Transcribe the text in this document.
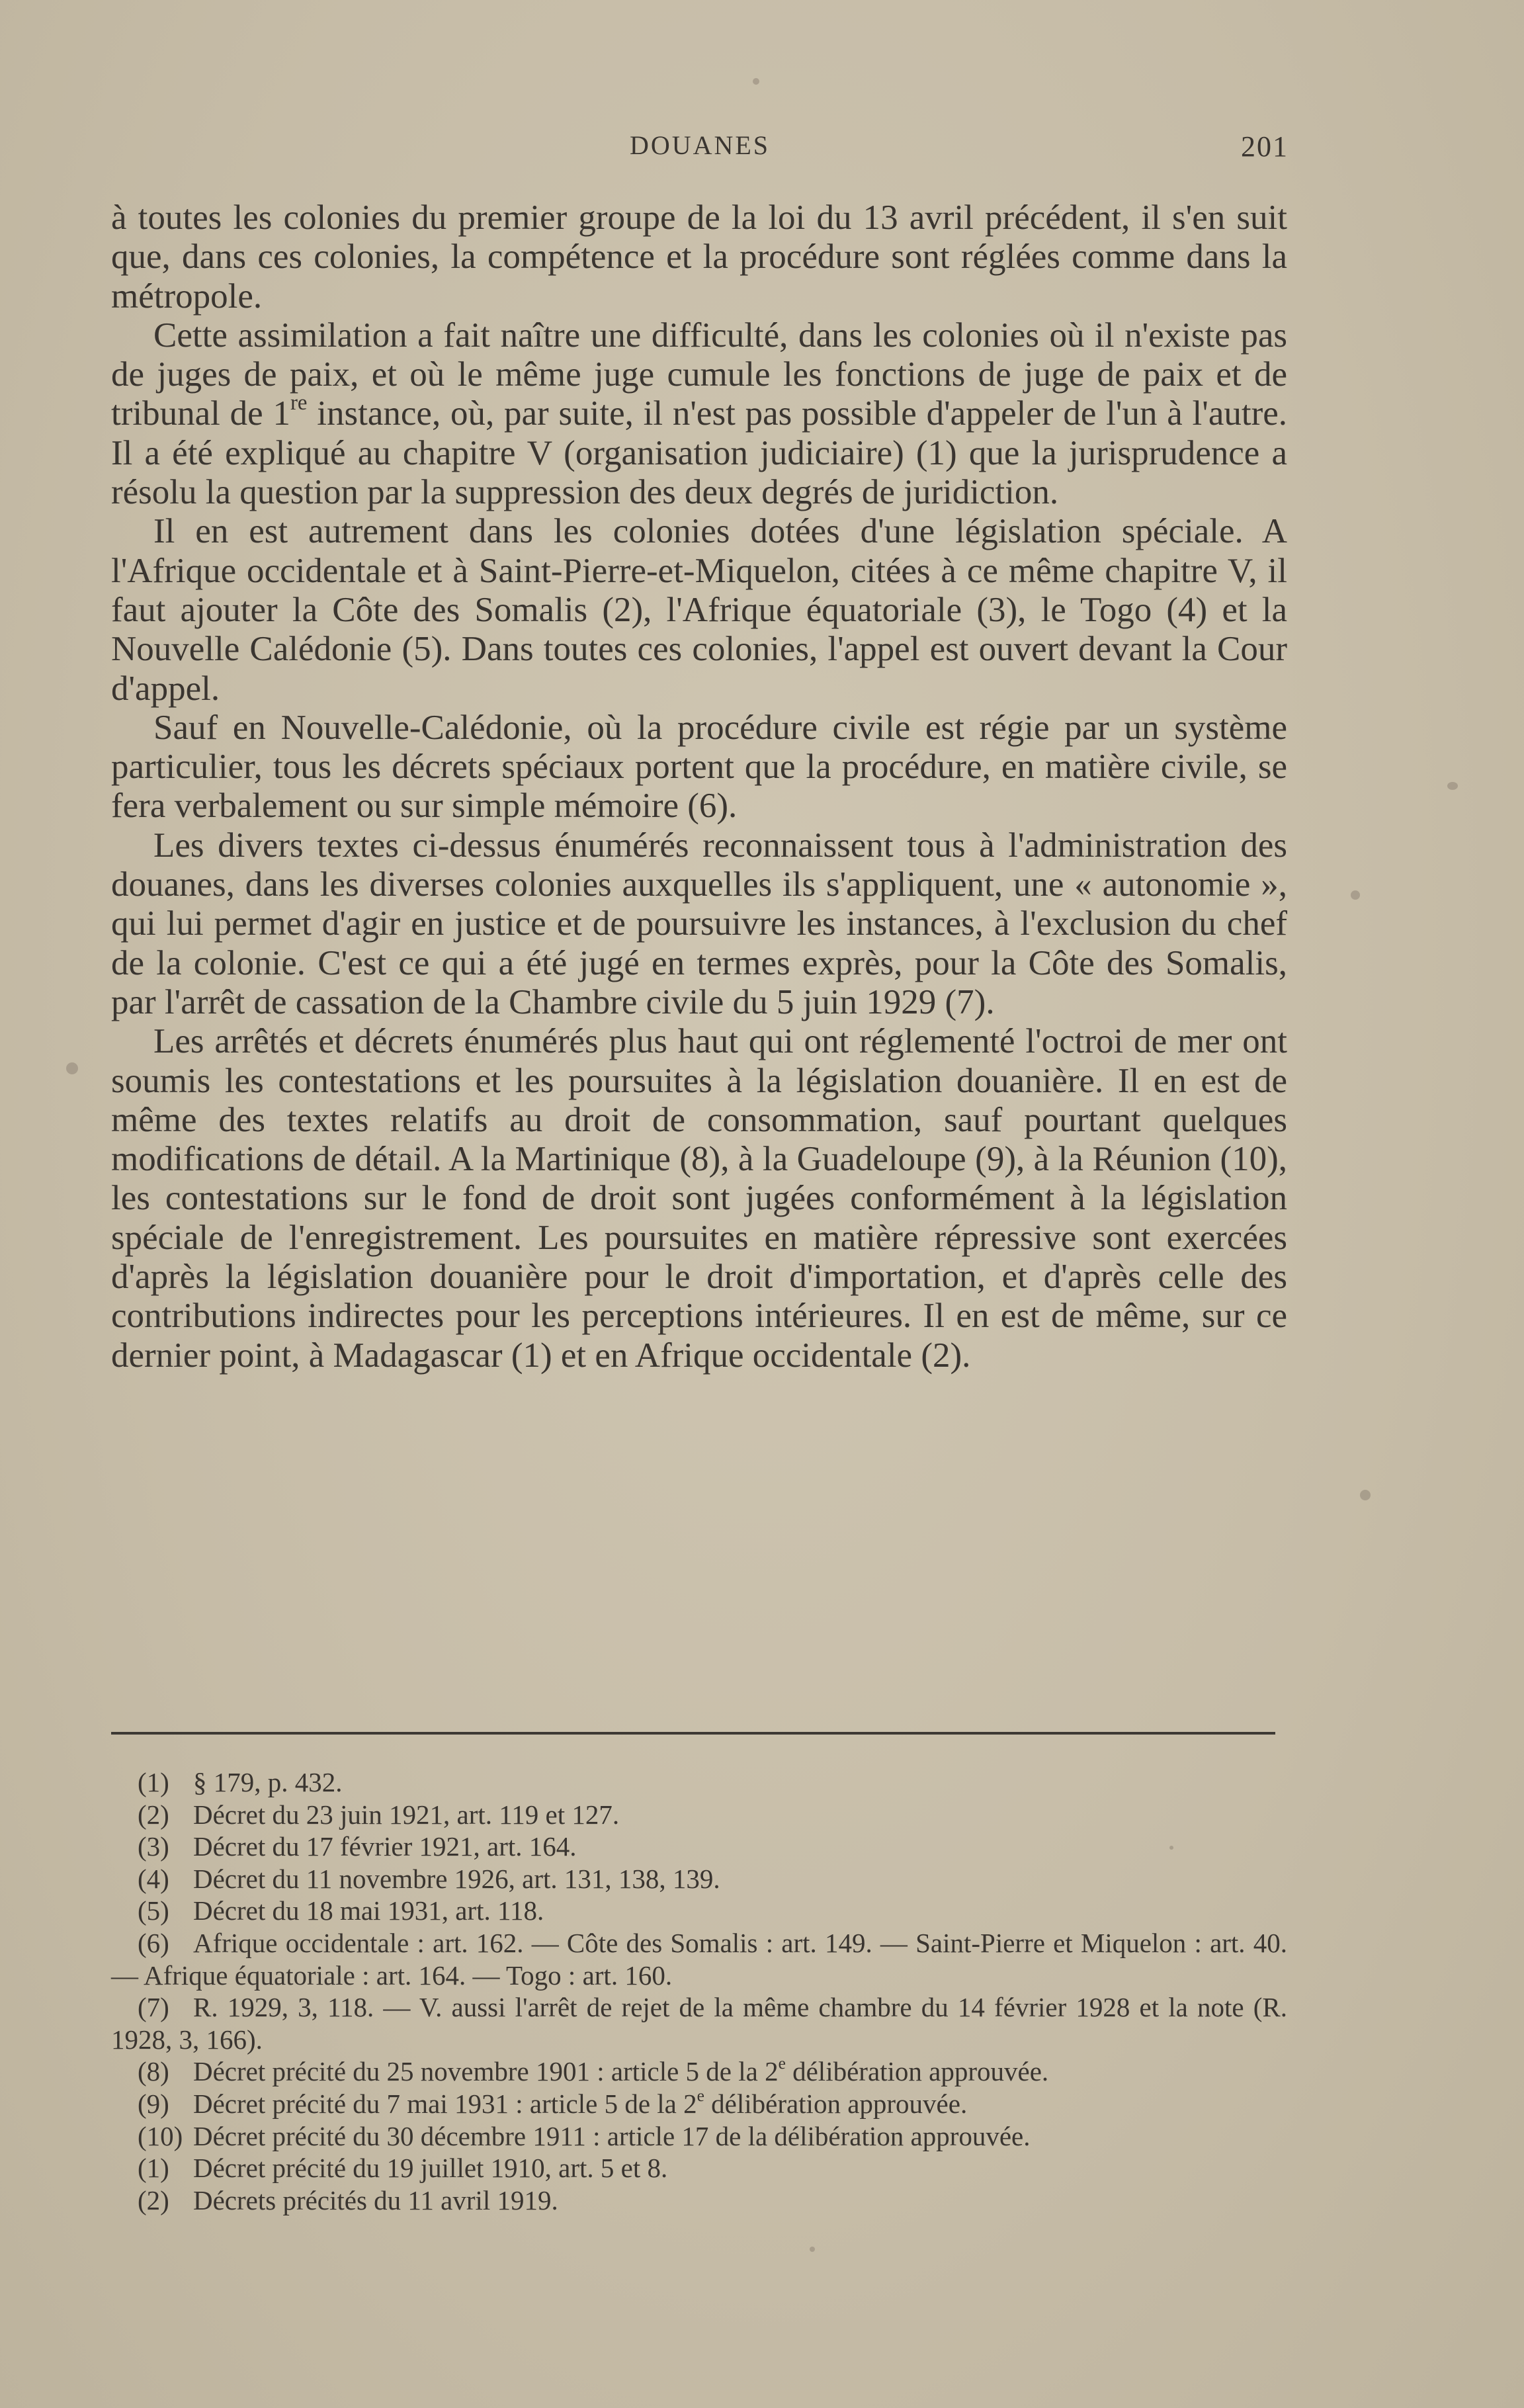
DOUANES	201

à toutes les colonies du premier groupe de la loi du 13 avril précédent, il s'en suit que, dans ces colonies, la compétence et la procédure sont réglées comme dans la métropole.

Cette assimilation a fait naître une difficulté, dans les colonies où il n'existe pas de juges de paix, et où le même juge cumule les fonctions de juge de paix et de tribunal de 1re instance, où, par suite, il n'est pas possible d'appeler de l'un à l'autre. Il a été expliqué au chapitre V (organisation judiciaire) (1) que la jurisprudence a résolu la question par la suppression des deux degrés de juridiction.

Il en est autrement dans les colonies dotées d'une législation spéciale. A l'Afrique occidentale et à Saint-Pierre-et-Miquelon, citées à ce même chapitre V, il faut ajouter la Côte des Somalis (2), l'Afrique équatoriale (3), le Togo (4) et la Nouvelle Calédonie (5). Dans toutes ces colonies, l'appel est ouvert devant la Cour d'appel.

Sauf en Nouvelle-Calédonie, où la procédure civile est régie par un système particulier, tous les décrets spéciaux portent que la procédure, en matière civile, se fera verbalement ou sur simple mémoire (6).

Les divers textes ci-dessus énumérés reconnaissent tous à l'administration des douanes, dans les diverses colonies auxquelles ils s'appliquent, une « autonomie », qui lui permet d'agir en justice et de poursuivre les instances, à l'exclusion du chef de la colonie. C'est ce qui a été jugé en termes exprès, pour la Côte des Somalis, par l'arrêt de cassation de la Chambre civile du 5 juin 1929 (7).

Les arrêtés et décrets énumérés plus haut qui ont réglementé l'octroi de mer ont soumis les contestations et les poursuites à la législation douanière. Il en est de même des textes relatifs au droit de consommation, sauf pourtant quelques modifications de détail. A la Martinique (8), à la Guadeloupe (9), à la Réunion (10), les contestations sur le fond de droit sont jugées conformément à la législation spéciale de l'enregistrement. Les poursuites en matière répressive sont exercées d'après la législation douanière pour le droit d'importation, et d'après celle des contributions indirectes pour les perceptions intérieures. Il en est de même, sur ce dernier point, à Madagascar (1) et en Afrique occidentale (2).

(1) § 179, p. 432.

(2) Décret du 23 juin 1921, art. 119 et 127.

(3) Décret du 17 février 1921, art. 164.

(4) Décret du 11 novembre 1926, art. 131, 138, 139.

(5) Décret du 18 mai 1931, art. 118.

(6) Afrique occidentale : art. 162. — Côte des Somalis : art. 149. — Saint-Pierre et Miquelon : art. 40. — Afrique équatoriale : art. 164. — Togo : art. 160.

(7) R. 1929, 3, 118. — V. aussi l'arrêt de rejet de la même chambre du 14 février 1928 et la note (R. 1928, 3, 166).

(8) Décret précité du 25 novembre 1901 : article 5 de la 2e délibération approuvée.

(9) Décret précité du 7 mai 1931 : article 5 de la 2e délibération approuvée.

(10) Décret précité du 30 décembre 1911 : article 17 de la délibération approuvée.

(1) Décret précité du 19 juillet 1910, art. 5 et 8.

(2) Décrets précités du 11 avril 1919.
